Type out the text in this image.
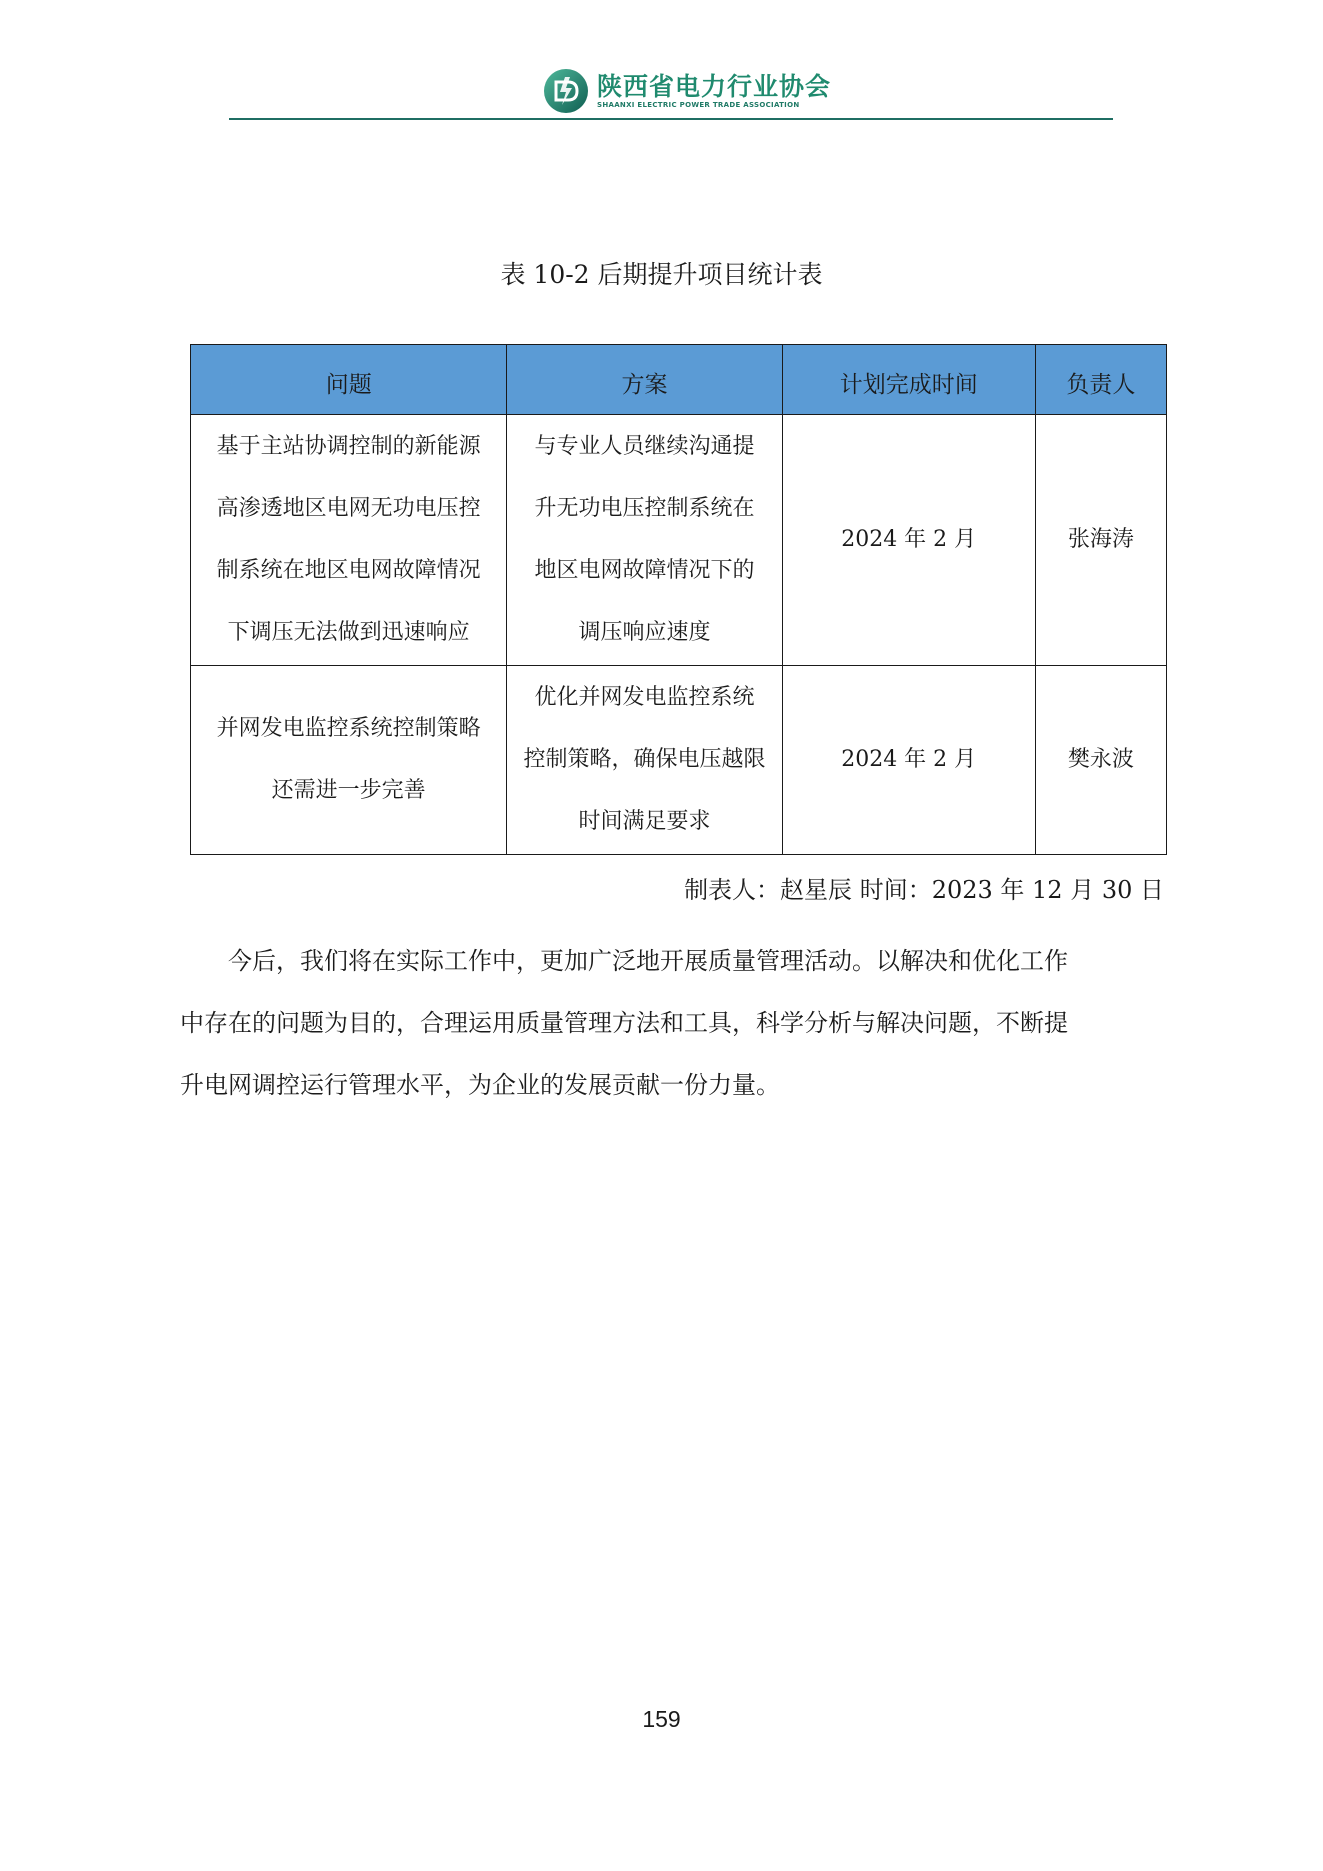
陕西省电力行业协会
SHAANXI ELECTRIC POWER TRADE ASSOCIATION
表 10-2 后期提升项目统计表
问题	方案	计划完成时间	负责人

基于主站协调控制的新能源
高渗透地区电网无功电压控
制系统在地区电网故障情况
下调压无法做到迅速响应	与专业人员继续沟通提
升无功电压控制系统在
地区电网故障情况下的
调压响应速度	2024 年 2 月	张海涛

并网发电监控系统控制策略
还需进一步完善	优化并网发电监控系统
控制策略，确保电压越限
时间满足要求	2024 年 2 月	樊永波
制表人：赵星辰 时间：2023 年 12 月 30 日
　　今后，我们将在实际工作中，更加广泛地开展质量管理活动。以解决和优化工作
中存在的问题为目的，合理运用质量管理方法和工具，科学分析与解决问题，不断提
升电网调控运行管理水平，为企业的发展贡献一份力量。
159
